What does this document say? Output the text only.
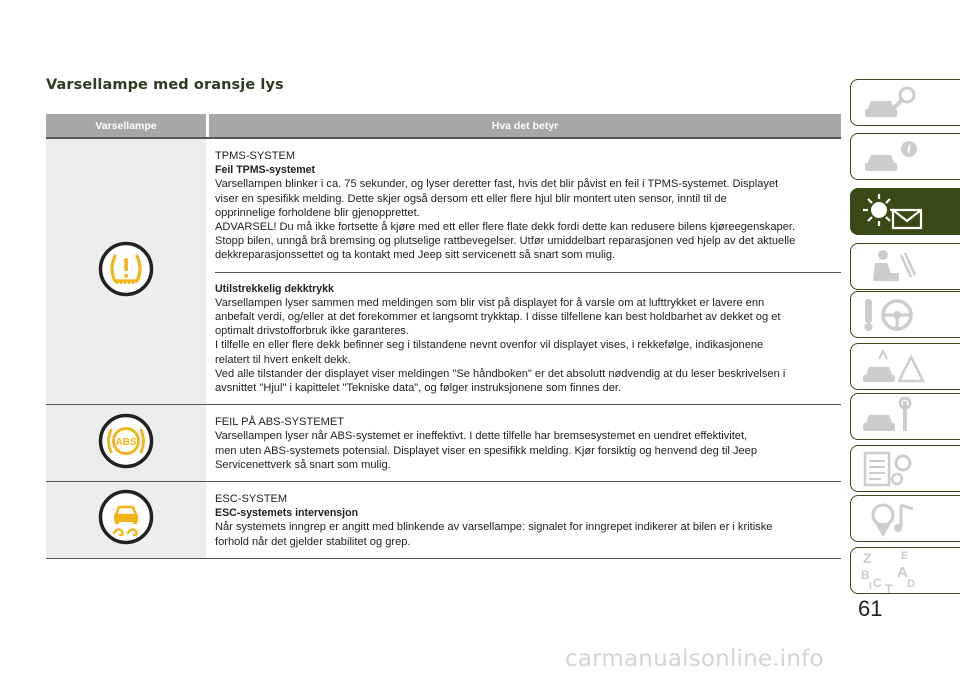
Varsellampe med oransje lys
Varsellampe	Hva det betyr

TPMS-SYSTEM

Feil TPMS-systemet

Varsellampen blinker i ca. 75 sekunder, og lyser deretter fast, hvis det blir påvist en feil i TPMS-systemet. Displayet

viser en spesifikk melding. Dette skjer også dersom ett eller flere hjul blir montert uten sensor, inntil til de

opprinnelige forholdene blir gjenopprettet.

ADVARSEL! Du må ikke fortsette å kjøre med ett eller flere flate dekk fordi dette kan redusere bilens kjøreegenskaper.

Stopp bilen, unngå brå bremsing og plutselige rattbevegelser. Utfør umiddelbart reparasjonen ved hjelp av det aktuelle

dekkreparasjonssettet og ta kontakt med Jeep sitt servicenett så snart som mulig.

Utilstrekkelig dekktrykk

Varsellampen lyser sammen med meldingen som blir vist på displayet for å varsle om at lufttrykket er lavere enn

anbefalt verdi, og/eller at det forekommer et langsomt trykktap. I disse tilfellene kan best holdbarhet av dekket og et

optimalt drivstofforbruk ikke garanteres.

I tilfelle en eller flere dekk befinner seg i tilstandene nevnt ovenfor vil displayet vises, i rekkefølge, indikasjonene

relatert til hvert enkelt dekk.

Ved alle tilstander der displayet viser meldingen "Se håndboken" er det absolutt nødvendig at du leser beskrivelsen i

avsnittet "Hjul" i kapittelet "Tekniske data", og følger instruksjonene som finnes der.

ABS

FEIL PÅ ABS-SYSTEMET

Varsellampen lyser når ABS-systemet er ineffektivt. I dette tilfelle har bremsesystemet en uendret effektivitet,

men uten ABS-systemets potensial. Displayet viser en spesifikk melding. Kjør forsiktig og henvend deg til Jeep

Servicenettverk så snart som mulig.

ESC-SYSTEM

ESC-systemets intervensjon

Når systemets inngrep er angitt med blinkende av varsellampe: signalet for inngrepet indikerer at bilen er i kritiske

forhold når det gjelder stabilitet og grep.

i
Z	E
B A
C D
I T
61
carmanualsonline.info
